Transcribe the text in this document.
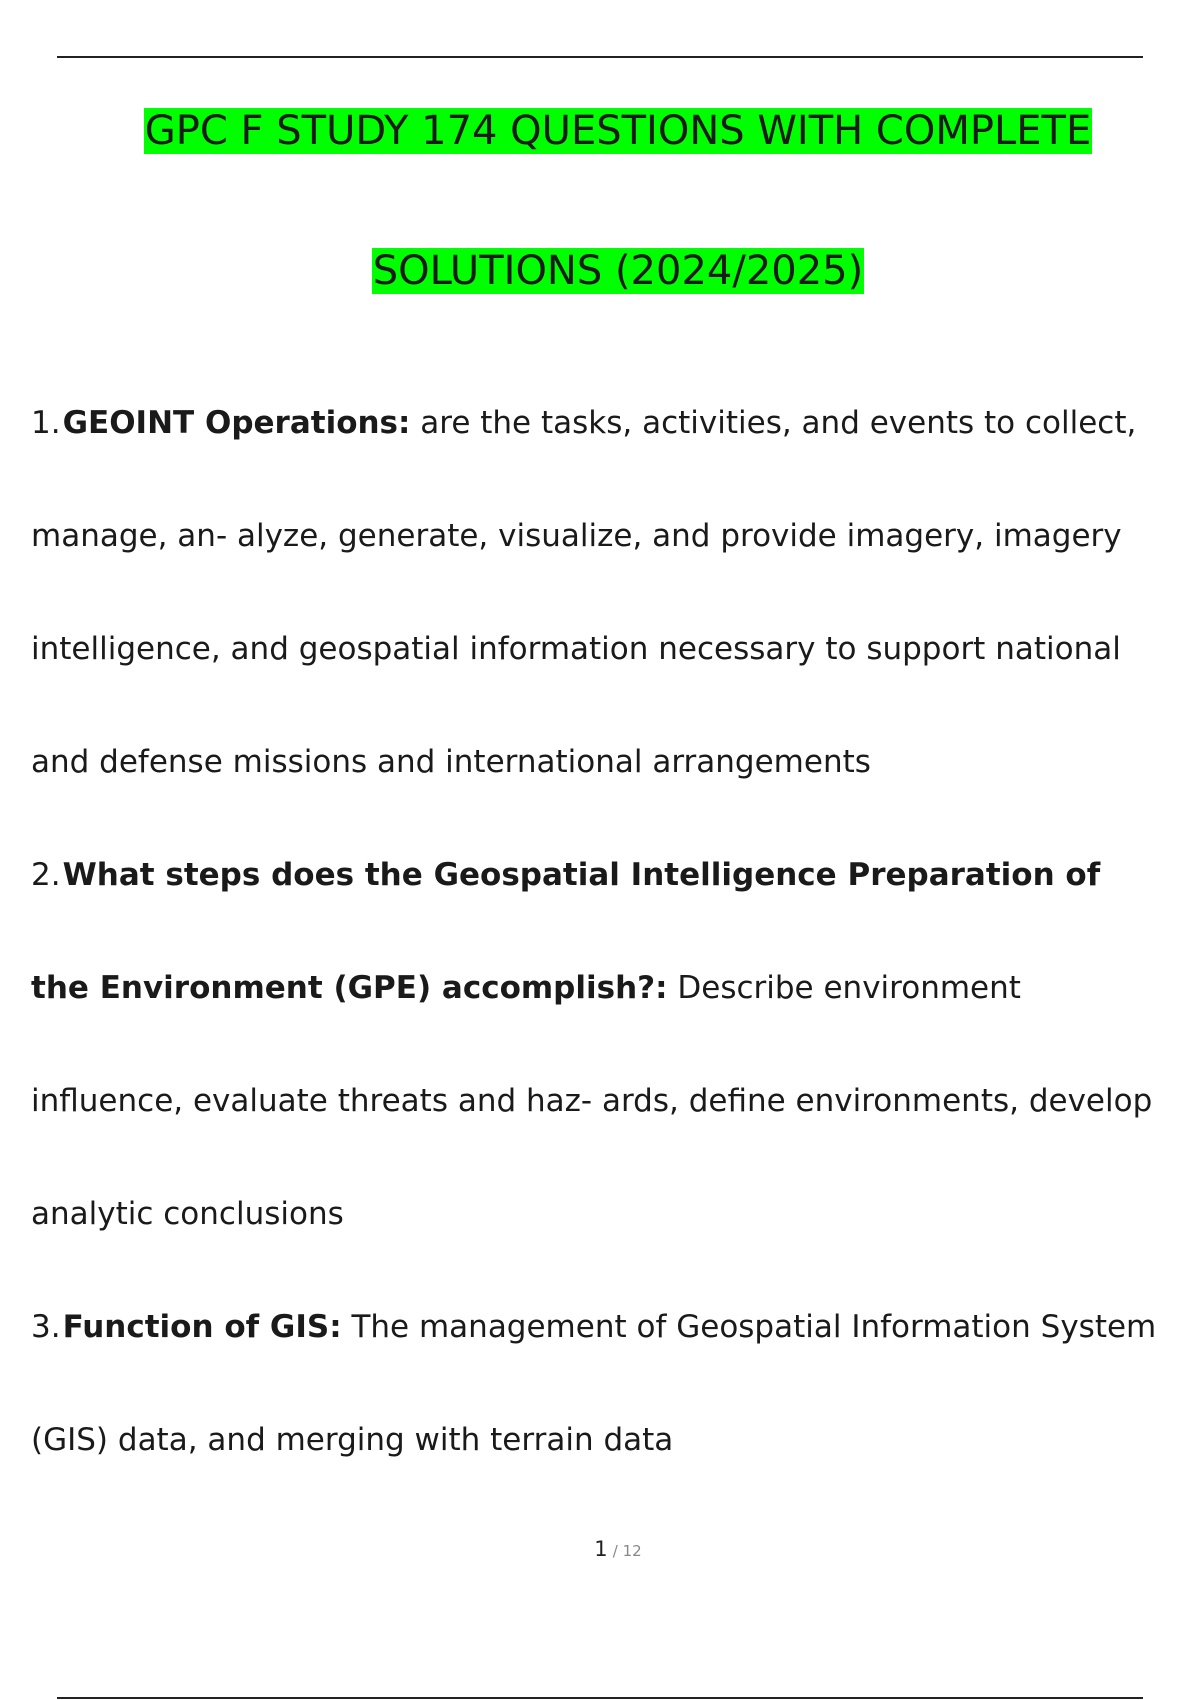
GPC F STUDY 174 QUESTIONS WITH COMPLETE
SOLUTIONS (2024/2025)
1.GEOINT Operations: are the tasks, activities, and events to collect,
manage, an- alyze, generate, visualize, and provide imagery, imagery
intelligence, and geospatial information necessary to support national
and defense missions and international arrangements
2.What steps does the Geospatial Intelligence Preparation of
the Environment (GPE) accomplish?: Describe environment
influence, evaluate threats and haz- ards, define environments, develop
analytic conclusions
3.Function of GIS: The management of Geospatial Information System
(GIS) data, and merging with terrain data
1 / 12
